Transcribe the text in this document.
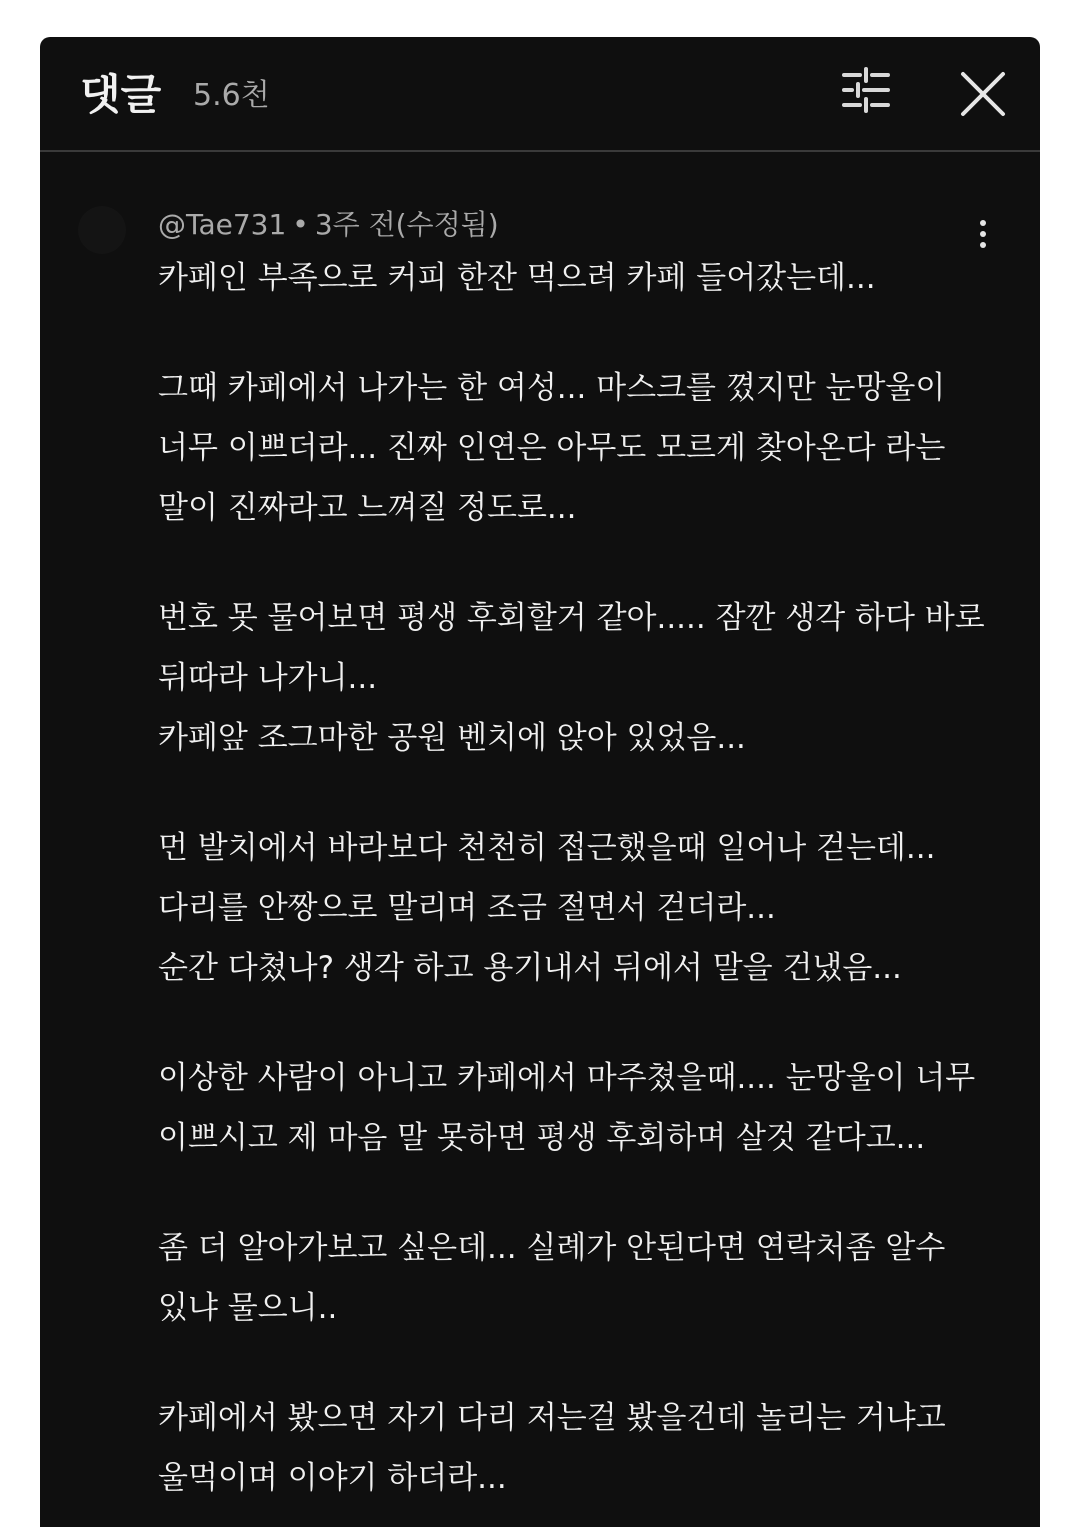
댓글 5.6천
@Tae731 • 3주 전(수정됨)

카페인 부족으로 커피 한잔 먹으려 카페 들어갔는데...

그때 카페에서 나가는 한 여성... 마스크를 꼈지만 눈망울이
너무 이쁘더라... 진짜 인연은 아무도 모르게 찾아온다 라는
말이 진짜라고 느껴질 정도로...

번호 못 물어보면 평생 후회할거 같아..... 잠깐 생각 하다 바로
뒤따라 나가니...
카페앞 조그마한 공원 벤치에 앉아 있었음...

먼 발치에서 바라보다 천천히 접근했을때 일어나 걷는데...
다리를 안짱으로 말리며 조금 절면서 걷더라...
순간 다쳤나? 생각 하고 용기내서 뒤에서 말을 건냈음...

이상한 사람이 아니고 카페에서 마주쳤을때.... 눈망울이 너무
이쁘시고 제 마음 말 못하면 평생 후회하며 살것 같다고...

좀 더 알아가보고 싶은데... 실례가 안된다면 연락처좀 알수
있냐 물으니..

카페에서 봤으면 자기 다리 저는걸 봤을건데 놀리는 거냐고
울먹이며 이야기 하더라...
